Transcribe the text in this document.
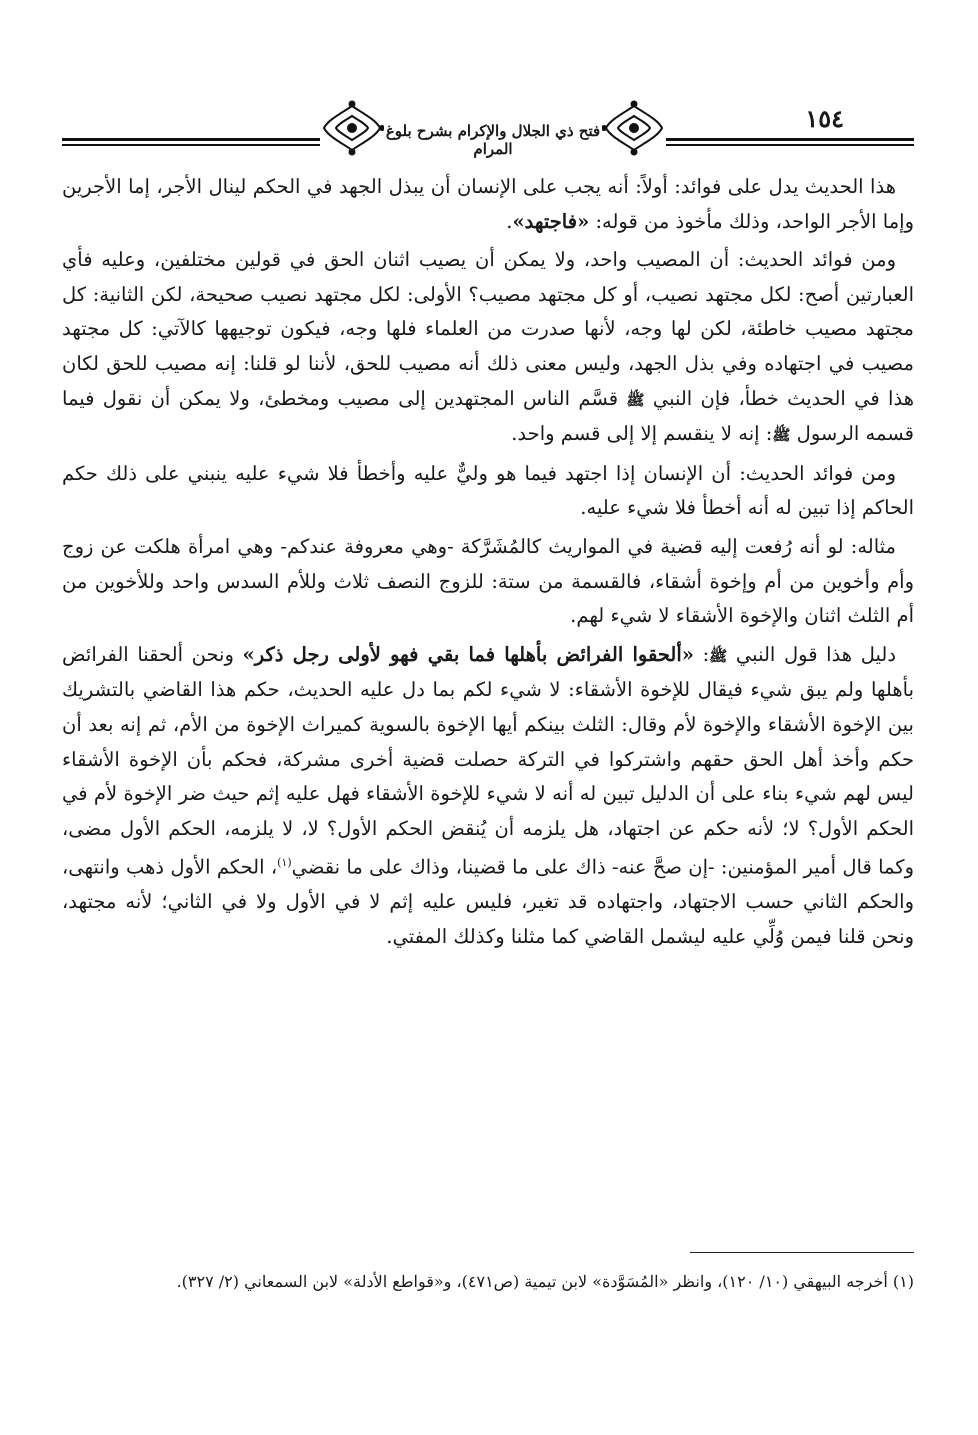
١٥٤
فتح ذي الجلال والإكرام بشرح بلوغ المرام

هذا الحديث يدل على فوائد: أولاً: أنه يجب على الإنسان أن يبذل الجهد في الحكم لينال الأجر، إما الأجرين وإما الأجر الواحد، وذلك مأخوذ من قوله: «فاجتهد».

ومن فوائد الحديث: أن المصيب واحد، ولا يمكن أن يصيب اثنان الحق في قولين مختلفين، وعليه فأي العبارتين أصح: لكل مجتهد نصيب، أو كل مجتهد مصيب؟ الأولى: لكل مجتهد نصيب صحيحة، لكن الثانية: كل مجتهد مصيب خاطئة، لكن لها وجه، لأنها صدرت من العلماء فلها وجه، فيكون توجيهها كالآتي: كل مجتهد مصيب في اجتهاده وفي بذل الجهد، وليس معنى ذلك أنه مصيب للحق، لأننا لو قلنا: إنه مصيب للحق لكان هذا في الحديث خطأ، فإن النبي ﷺ قسَّم الناس المجتهدين إلى مصيب ومخطئ، ولا يمكن أن نقول فيما قسمه الرسول ﷺ: إنه لا ينقسم إلا إلى قسم واحد.

ومن فوائد الحديث: أن الإنسان إذا اجتهد فيما هو وليٌّ عليه وأخطأ فلا شيء عليه ينبني على ذلك حكم الحاكم إذا تبين له أنه أخطأ فلا شيء عليه.

مثاله: لو أنه رُفعت إليه قضية في المواريث كالمُشَرَّكة -وهي معروفة عندكم- وهي امرأة هلكت عن زوج وأم وأخوين من أم وإخوة أشقاء، فالقسمة من ستة: للزوج النصف ثلاث وللأم السدس واحد وللأخوين من أم الثلث اثنان والإخوة الأشقاء لا شيء لهم.

دليل هذا قول النبي ﷺ: «ألحقوا الفرائض بأهلها فما بقي فهو لأولى رجل ذكر» ونحن ألحقنا الفرائض بأهلها ولم يبق شيء فيقال للإخوة الأشقاء: لا شيء لكم بما دل عليه الحديث، حكم هذا القاضي بالتشريك بين الإخوة الأشقاء والإخوة لأم وقال: الثلث بينكم أيها الإخوة بالسوية كميراث الإخوة من الأم، ثم إنه بعد أن حكم وأخذ أهل الحق حقهم واشتركوا في التركة حصلت قضية أخرى مشركة، فحكم بأن الإخوة الأشقاء ليس لهم شيء بناء على أن الدليل تبين له أنه لا شيء للإخوة الأشقاء فهل عليه إثم حيث ضر الإخوة لأم في الحكم الأول؟ لا؛ لأنه حكم عن اجتهاد، هل يلزمه أن يُنقض الحكم الأول؟ لا، لا يلزمه، الحكم الأول مضى، وكما قال أمير المؤمنين: -إن صحَّ عنه- ذاك على ما قضينا، وذاك على ما نقضي$^{(١)}$، الحكم الأول ذهب وانتهى، والحكم الثاني حسب الاجتهاد، واجتهاده قد تغير، فليس عليه إثم لا في الأول ولا في الثاني؛ لأنه مجتهد، ونحن قلنا فيمن وُلِّي عليه ليشمل القاضي كما مثلنا وكذلك المفتي.

(١) أخرجه البيهقي (١٠/ ١٢٠)، وانظر «المُسَوَّدة» لابن تيمية (ص٤٧١)، و«قواطع الأدلة» لابن السمعاني (٢/ ٣٢٧).
